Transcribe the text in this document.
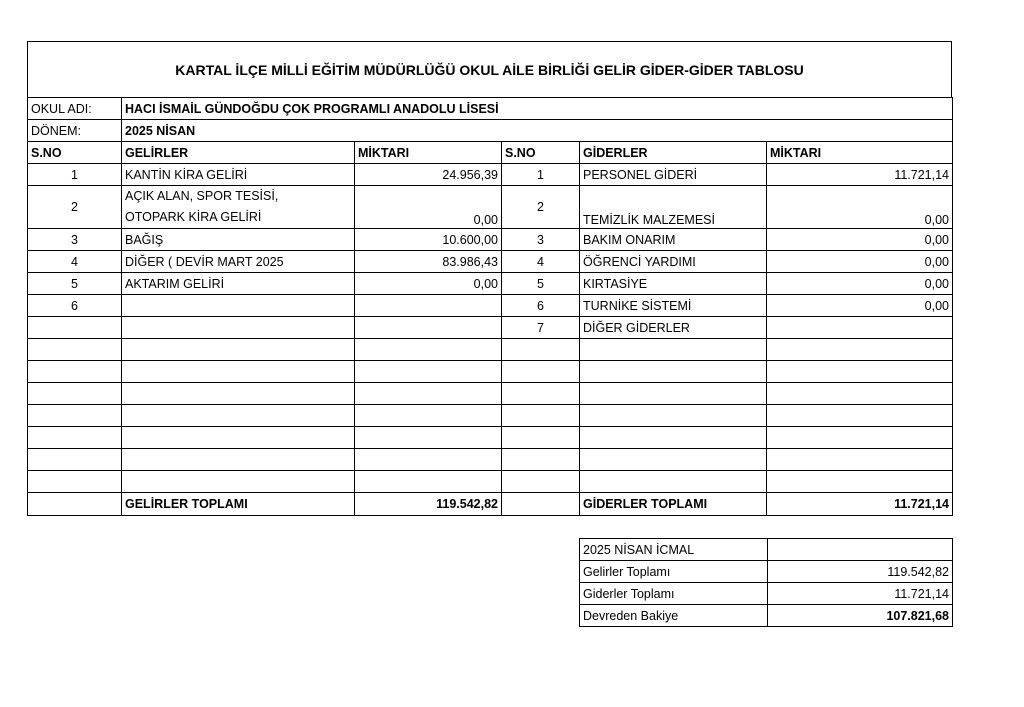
KARTAL İLÇE MİLLİ EĞİTİM MÜDÜRLÜĞÜ OKUL AİLE BİRLİĞİ GELİR GİDER-GİDER TABLOSU
OKUL ADI:	HACI İSMAİL GÜNDOĞDU ÇOK PROGRAMLI ANADOLU LİSESİ				
DÖNEM:	2025 NİSAN				
S.NO	GELİRLER	MİKTARI	S.NO	GİDERLER	MİKTARI
1	KANTİN KİRA GELİRİ	24.956,39	1	PERSONEL GİDERİ	11.721,14
2	AÇIK ALAN, SPOR TESİSİ,
OTOPARK KİRA GELİRİ	0,00	2	TEMİZLİK MALZEMESİ	0,00
3	BAĞIŞ	10.600,00	3	BAKIM ONARIM	0,00
4	DİĞER ( DEVİR MART 2025	83.986,43	4	ÖĞRENCİ YARDIMI	0,00
5	AKTARIM GELİRİ	0,00	5	KIRTASİYE	0,00
6			6	TURNİKE SİSTEMİ	0,00
			7	DİĞER GİDERLER	

	GELİRLER TOPLAMI	119.542,82		GİDERLER TOPLAMI	11.721,14
2025 NİSAN İCMAL	
Gelirler Toplamı	119.542,82
Giderler Toplamı	11.721,14
Devreden Bakiye	107.821,68
